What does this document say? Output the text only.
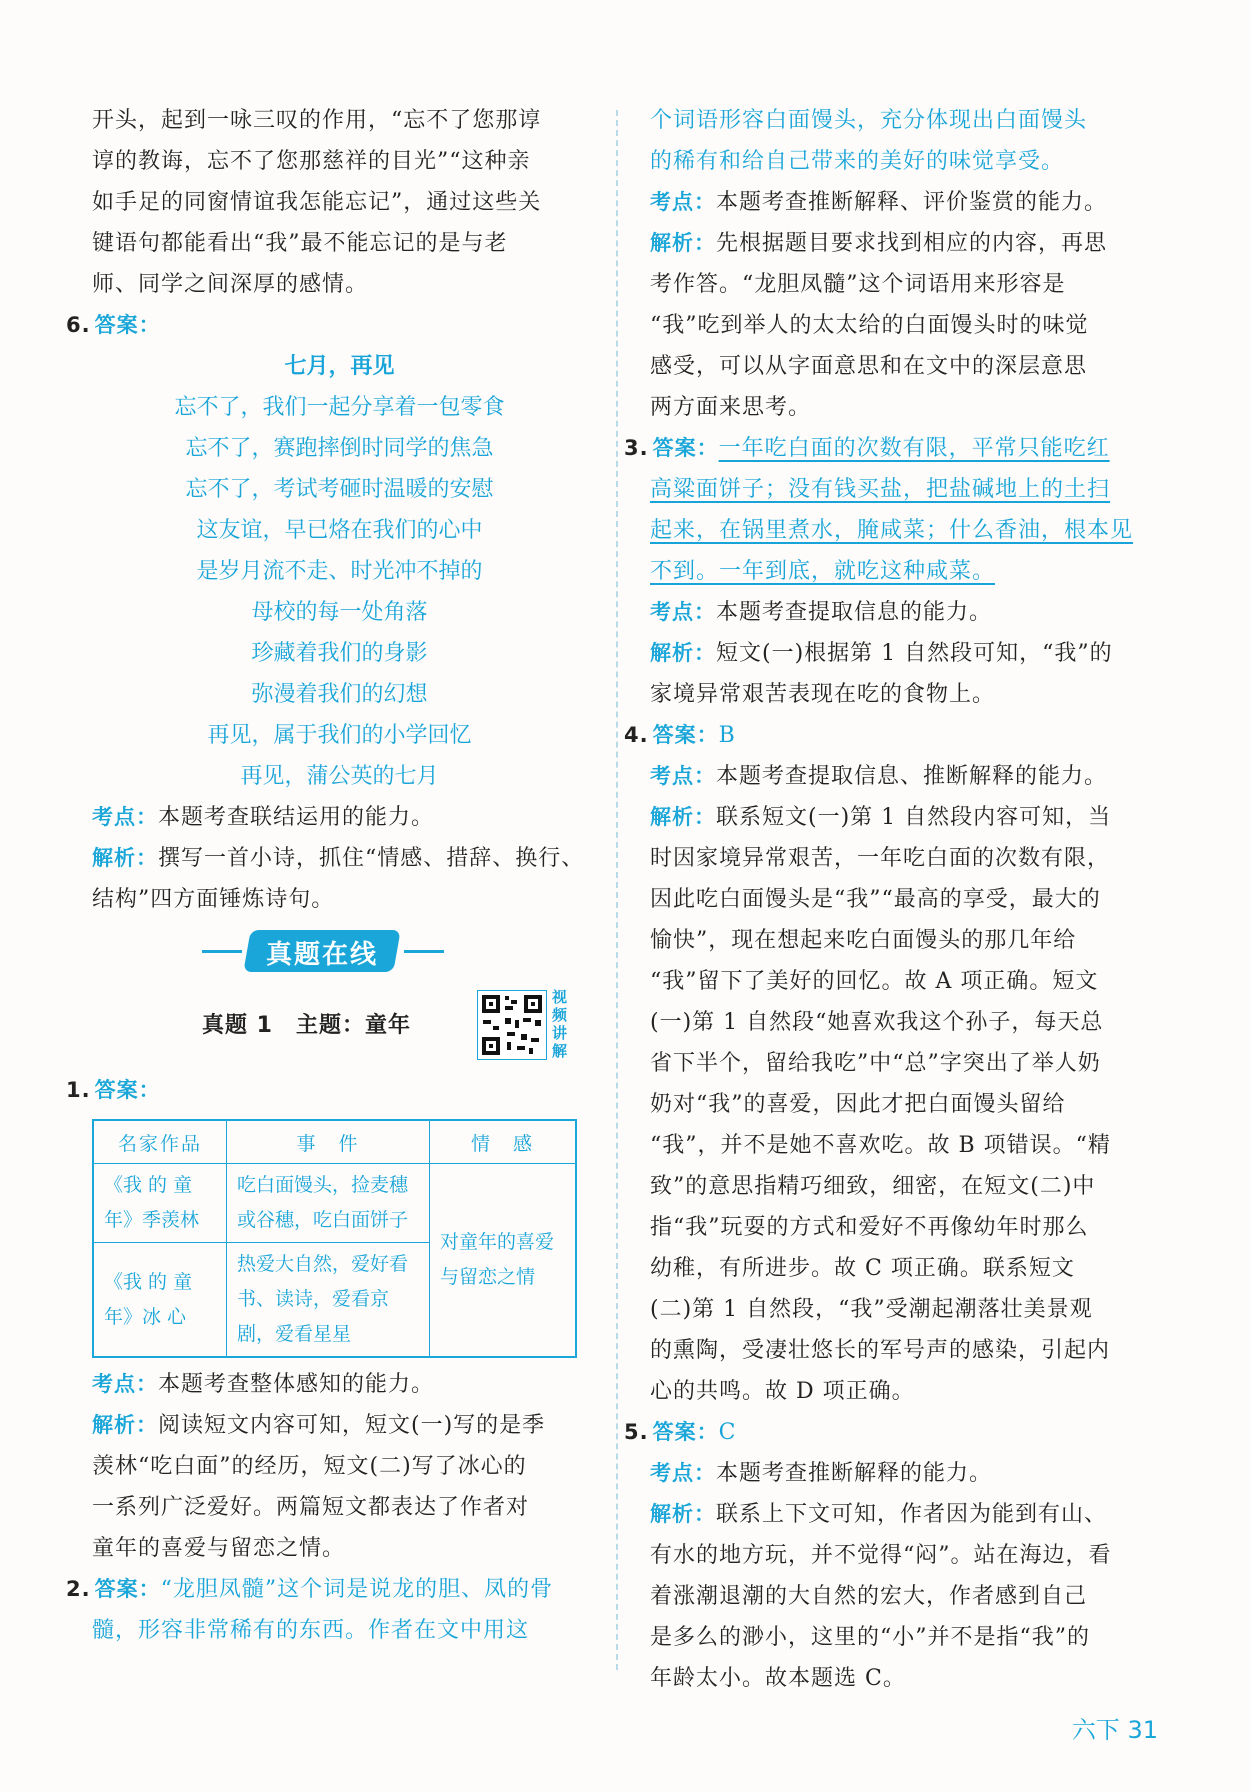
开头，起到一咏三叹的作用，“忘不了您那谆

谆的教诲，忘不了您那慈祥的目光”“这种亲

如手足的同窗情谊我怎能忘记”，通过这些关

键语句都能看出“我”最不能忘记的是与老

师、同学之间深厚的感情。

6. 答案：

七月，再见

忘不了，我们一起分享着一包零食

忘不了，赛跑摔倒时同学的焦急

忘不了，考试考砸时温暖的安慰

这友谊，早已烙在我们的心中

是岁月流不走、时光冲不掉的

母校的每一处角落

珍藏着我们的身影

弥漫着我们的幻想

再见，属于我们的小学回忆

再见，蒲公英的七月

考点：本题考查联结运用的能力。

解析：撰写一首小诗，抓住“情感、措辞、换行、

结构”四方面锤炼诗句。

真题在线
真题 1　主题：童年
视频讲解

1. 答案：

名家作品	事　件	情　感
《我 的 童 年》季羡林	吃白面馒头，捡麦穗或谷穗，吃白面饼子	对童年的喜爱与留恋之情
《我 的 童 年》冰 心	热爱大自然，爱好看书、读诗，爱看京剧，爱看星星	

考点：本题考查整体感知的能力。

解析：阅读短文内容可知，短文(一)写的是季

羡林“吃白面”的经历，短文(二)写了冰心的

一系列广泛爱好。两篇短文都表达了作者对

童年的喜爱与留恋之情。

2. 答案：“龙胆凤髓”这个词是说龙的胆、凤的骨

髓，形容非常稀有的东西。作者在文中用这

个词语形容白面馒头，充分体现出白面馒头

的稀有和给自己带来的美好的味觉享受。

考点：本题考查推断解释、评价鉴赏的能力。

解析：先根据题目要求找到相应的内容，再思

考作答。“龙胆凤髓”这个词语用来形容是

“我”吃到举人的太太给的白面馒头时的味觉

感受，可以从字面意思和在文中的深层意思

两方面来思考。

3. 答案：一年吃白面的次数有限，平常只能吃红

高粱面饼子；没有钱买盐，把盐碱地上的土扫

起来，在锅里煮水，腌咸菜；什么香油，根本见

不到。一年到底，就吃这种咸菜。

考点：本题考查提取信息的能力。

解析：短文(一)根据第 1 自然段可知，“我”的

家境异常艰苦表现在吃的食物上。

4. 答案：B

考点：本题考查提取信息、推断解释的能力。

解析：联系短文(一)第 1 自然段内容可知，当

时因家境异常艰苦，一年吃白面的次数有限，

因此吃白面馒头是“我”“最高的享受，最大的

愉快”，现在想起来吃白面馒头的那几年给

“我”留下了美好的回忆。故 A 项正确。短文

(一)第 1 自然段“她喜欢我这个孙子，每天总

省下半个，留给我吃”中“总”字突出了举人奶

奶对“我”的喜爱，因此才把白面馒头留给

“我”，并不是她不喜欢吃。故 B 项错误。“精

致”的意思指精巧细致，细密，在短文(二)中

指“我”玩耍的方式和爱好不再像幼年时那么

幼稚，有所进步。故 C 项正确。联系短文

(二)第 1 自然段，“我”受潮起潮落壮美景观

的熏陶，受凄壮悠长的军号声的感染，引起内

心的共鸣。故 D 项正确。

5. 答案：C

考点：本题考查推断解释的能力。

解析：联系上下文可知，作者因为能到有山、

有水的地方玩，并不觉得“闷”。站在海边，看

着涨潮退潮的大自然的宏大，作者感到自己

是多么的渺小，这里的“小”并不是指“我”的

年龄太小。故本题选 C。

六下 31
